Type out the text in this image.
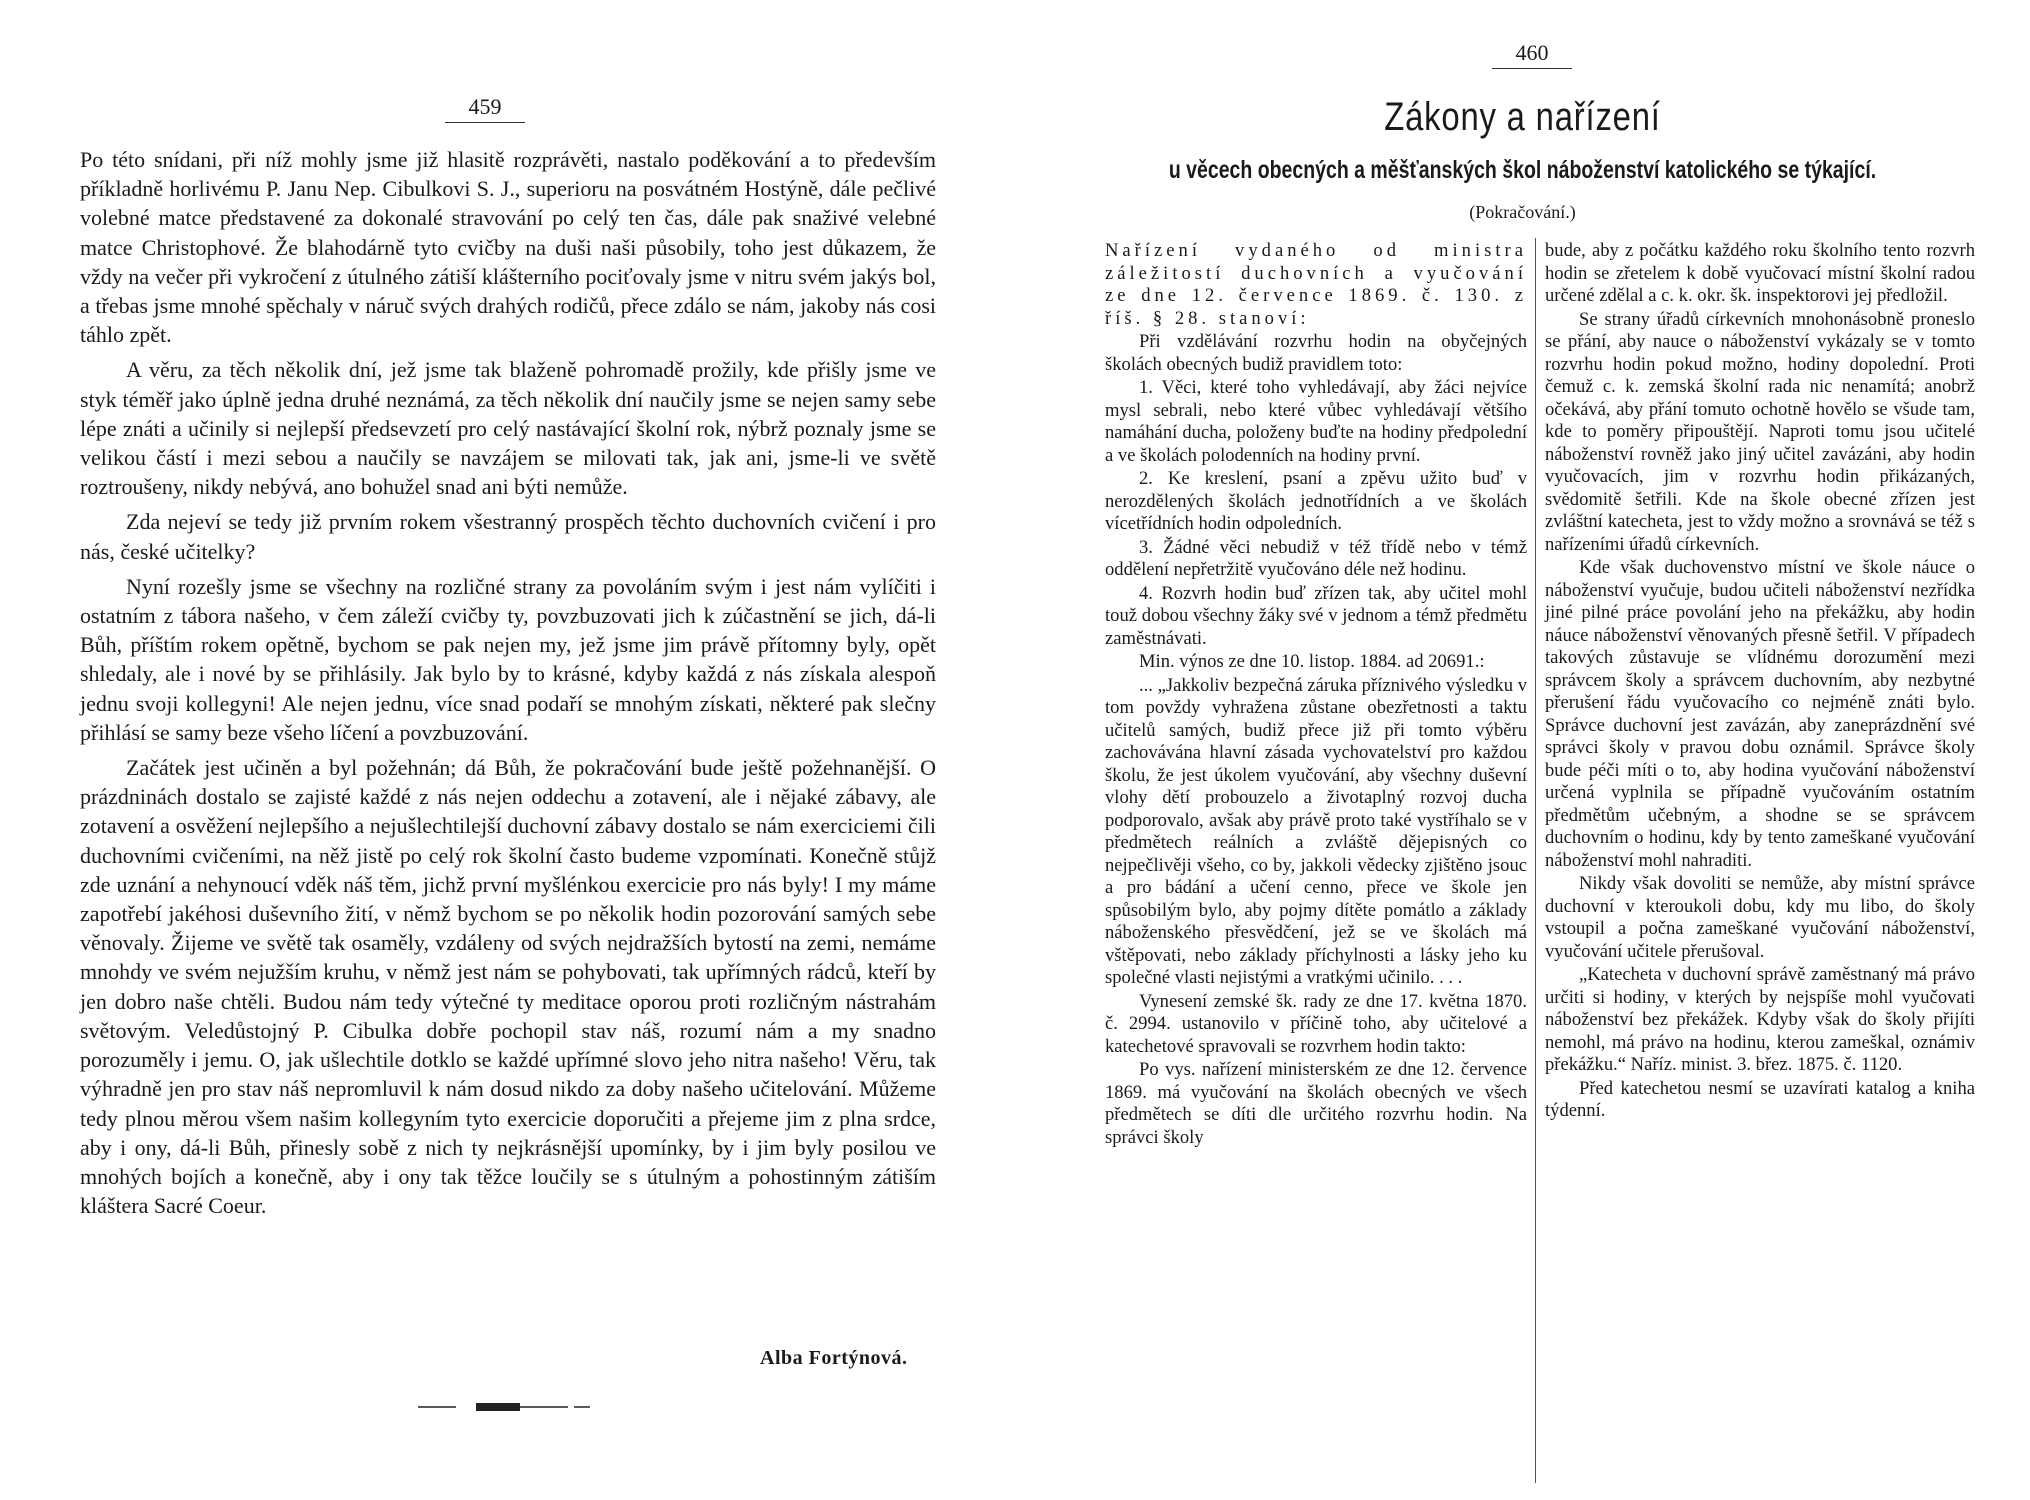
459

Po této snídani, při níž mohly jsme již hlasitě rozprávěti, nastalo poděkování a to především příkladně horlivému P. Janu Nep. Cibulkovi S. J., superioru na posvátném Hostýně, dále pečlivé volebné matce představené za dokonalé stravování po celý ten čas, dále pak snaživé velebné matce Christophové. Že blahodárně tyto cvičby na duši naši působily, toho jest důkazem, že vždy na večer při vykročení z útulného zátiší klášterního pociťovaly jsme v nitru svém jakýs bol, a třebas jsme mnohé spěchaly v náruč svých drahých rodičů, přece zdálo se nám, jakoby nás cosi táhlo zpět.

A věru, za těch několik dní, jež jsme tak blaženě pohromadě prožily, kde přišly jsme ve styk téměř jako úplně jedna druhé neznámá, za těch několik dní naučily jsme se nejen samy sebe lépe znáti a učinily si nejlepší předsevzetí pro celý nastávající školní rok, nýbrž poznaly jsme se velikou částí i mezi sebou a naučily se navzájem se milovati tak, jak ani, jsme-li ve světě roztroušeny, nikdy nebývá, ano bohužel snad ani býti nemůže.

Zda nejeví se tedy již prvním rokem všestranný prospěch těchto duchovních cvičení i pro nás, české učitelky?

Nyní rozešly jsme se všechny na rozličné strany za povoláním svým i jest nám vylíčiti i ostatním z tábora našeho, v čem záleží cvičby ty, povzbuzovati jich k zúčastnění se jich, dá-li Bůh, příštím rokem opětně, bychom se pak nejen my, jež jsme jim právě přítomny byly, opět shledaly, ale i nové by se přihlásily. Jak bylo by to krásné, kdyby každá z nás získala alespoň jednu svoji kollegyni! Ale nejen jednu, více snad podaří se mnohým získati, některé pak slečny přihlásí se samy beze všeho líčení a povzbuzování.

Začátek jest učiněn a byl požehnán; dá Bůh, že pokračování bude ještě požehnanější. O prázdninách dostalo se zajisté každé z nás nejen oddechu a zotavení, ale i nějaké zábavy, ale zotavení a osvěžení nejlepšího a nejušlechtilejší duchovní zábavy dostalo se nám exerciciemi čili duchovními cvičeními, na něž jistě po celý rok školní často budeme vzpomínati. Konečně stůjž zde uznání a nehynoucí vděk náš těm, jichž první myšlénkou exercicie pro nás byly! I my máme zapotřebí jakéhosi duševního žití, v němž bychom se po několik hodin pozorování samých sebe věnovaly. Žijeme ve světě tak osaměly, vzdáleny od svých nejdražších bytostí na zemi, nemáme mnohdy ve svém nejužším kruhu, v němž jest nám se pohybovati, tak upřímných rádců, kteří by jen dobro naše chtěli. Budou nám tedy výtečné ty meditace oporou proti rozličným nástrahám světovým. Veledůstojný P. Cibulka dobře pochopil stav náš, rozumí nám a my snadno porozuměly i jemu. O, jak ušlechtile dotklo se každé upřímné slovo jeho nitra našeho! Věru, tak výhradně jen pro stav náš nepromluvil k nám dosud nikdo za doby našeho učitelování. Můžeme tedy plnou měrou všem našim kollegyním tyto exercicie doporučiti a přejeme jim z plna srdce, aby i ony, dá-li Bůh, přinesly sobě z nich ty nejkrásnější upomínky, by i jim byly posilou ve mnohých bojích a konečně, aby i ony tak těžce loučily se s útulným a pohostinným zátiším kláštera Sacré Coeur.

Alba Fortýnová.
460
Zákony a nařízení
u věcech obecných a měšťanských škol náboženství katolického se týkající.
(Pokračování.)

Nařízení vydaného od ministra záležitostí duchovních a vyučování ze dne 12. července 1869. č. 130. z říš. § 28. stanoví:

Při vzdělávání rozvrhu hodin na obyčejných školách obecných budiž pravidlem toto:

1. Věci, které toho vyhledávají, aby žáci nejvíce mysl sebrali, nebo které vůbec vyhledávají většího namáhání ducha, položeny buďte na hodiny předpolední a ve školách polodenních na hodiny první.

2. Ke kreslení, psaní a zpěvu užito buď v nerozdělených školách jednotřídních a ve školách vícetřídních hodin odpoledních.

3. Žádné věci nebudiž v též třídě nebo v témž oddělení nepřetržitě vyučováno déle než hodinu.

4. Rozvrh hodin buď zřízen tak, aby učitel mohl touž dobou všechny žáky své v jednom a témž předmětu zaměstnávati.

Min. výnos ze dne 10. listop. 1884. ad 20691.:

... „Jakkoliv bezpečná záruka příznivého výsledku v tom povždy vyhražena zůstane obezřetnosti a taktu učitelů samých, budiž přece již při tomto výběru zachovávána hlavní zásada vychovatelství pro každou školu, že jest úkolem vyučování, aby všechny duševní vlohy dětí probouzelo a životaplný rozvoj ducha podporovalo, avšak aby právě proto také vystříhalo se v předmětech reálních a zvláště dějepisných co nejpečlivěji všeho, co by, jakkoli vědecky zjištěno jsouc a pro bádání a učení cenno, přece ve škole jen spůsobilým bylo, aby pojmy dítěte pomátlo a základy náboženského přesvědčení, jež se ve školách má vštěpovati, nebo základy příchylnosti a lásky jeho ku společné vlasti nejistými a vratkými učinilo. . . .

Vynesení zemské šk. rady ze dne 17. května 1870. č. 2994. ustanovilo v příčině toho, aby učitelové a katechetové spravovali se rozvrhem hodin takto:

Po vys. nařízení ministerském ze dne 12. července 1869. má vyučování na školách obecných ve všech předmětech se díti dle určitého rozvrhu hodin. Na správci školy

bude, aby z počátku každého roku školního tento rozvrh hodin se zřetelem k době vyučovací místní školní radou určené zdělal a c. k. okr. šk. inspektorovi jej předložil.

Se strany úřadů církevních mnohonásobně proneslo se přání, aby nauce o náboženství vykázaly se v tomto rozvrhu hodin pokud možno, hodiny dopolední. Proti čemuž c. k. zemská školní rada nic nenamítá; anobrž očekává, aby přání tomuto ochotně hovělo se všude tam, kde to poměry připouštějí. Naproti tomu jsou učitelé náboženství rovněž jako jiný učitel zavázáni, aby hodin vyučovacích, jim v rozvrhu hodin přikázaných, svědomitě šetřili. Kde na škole obecné zřízen jest zvláštní katecheta, jest to vždy možno a srovnává se též s nařízeními úřadů církevních.

Kde však duchovenstvo místní ve škole náuce o náboženství vyučuje, budou učiteli náboženství nezřídka jiné pilné práce povolání jeho na překážku, aby hodin náuce náboženství věnovaných přesně šetřil. V případech takových zůstavuje se vlídnému dorozumění mezi správcem školy a správcem duchovním, aby nezbytné přerušení řádu vyučovacího co nejméně znáti bylo. Správce duchovní jest zavázán, aby zaneprázdnění své správci školy v pravou dobu oznámil. Správce školy bude péči míti o to, aby hodina vyučování náboženství určená vyplnila se případně vyučováním ostatním předmětům učebným, a shodne se se správcem duchovním o hodinu, kdy by tento zameškané vyučování náboženství mohl nahraditi.

Nikdy však dovoliti se nemůže, aby místní správce duchovní v kteroukoli dobu, kdy mu libo, do školy vstoupil a počna zameškané vyučování náboženství, vyučování učitele přerušoval.

„Katecheta v duchovní správě zaměstnaný má právo určiti si hodiny, v kterých by nejspíše mohl vyučovati náboženství bez překážek. Kdyby však do školy přijíti nemohl, má právo na hodinu, kterou zameškal, oznámiv překážku.“ Naříz. minist. 3. břez. 1875. č. 1120.

Před katechetou nesmí se uzavírati katalog a kniha týdenní.
